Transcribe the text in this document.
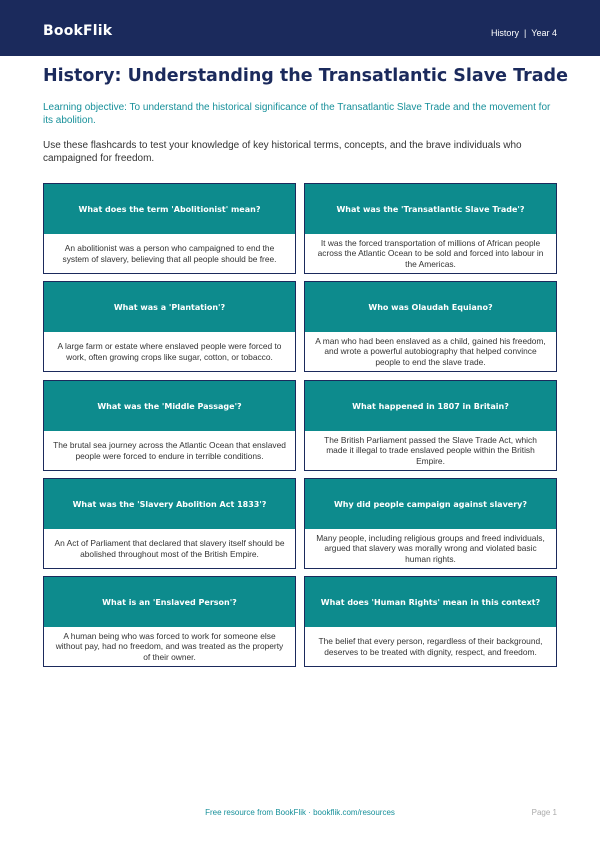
BookFlik	History | Year 4
History: Understanding the Transatlantic Slave Trade
Learning objective: To understand the historical significance of the Transatlantic Slave Trade and the movement for its abolition.
Use these flashcards to test your knowledge of key historical terms, concepts, and the brave individuals who campaigned for freedom.
What does the term 'Abolitionist' mean?
An abolitionist was a person who campaigned to end the system of slavery, believing that all people should be free.
What was the 'Transatlantic Slave Trade'?
It was the forced transportation of millions of African people across the Atlantic Ocean to be sold and forced into labour in the Americas.
What was a 'Plantation'?
A large farm or estate where enslaved people were forced to work, often growing crops like sugar, cotton, or tobacco.
Who was Olaudah Equiano?
A man who had been enslaved as a child, gained his freedom, and wrote a powerful autobiography that helped convince people to end the slave trade.
What was the 'Middle Passage'?
The brutal sea journey across the Atlantic Ocean that enslaved people were forced to endure in terrible conditions.
What happened in 1807 in Britain?
The British Parliament passed the Slave Trade Act, which made it illegal to trade enslaved people within the British Empire.
What was the 'Slavery Abolition Act 1833'?
An Act of Parliament that declared that slavery itself should be abolished throughout most of the British Empire.
Why did people campaign against slavery?
Many people, including religious groups and freed individuals, argued that slavery was morally wrong and violated basic human rights.
What is an 'Enslaved Person'?
A human being who was forced to work for someone else without pay, had no freedom, and was treated as the property of their owner.
What does 'Human Rights' mean in this context?
The belief that every person, regardless of their background, deserves to be treated with dignity, respect, and freedom.
Free resource from BookFlik · bookflik.com/resources	Page 1
